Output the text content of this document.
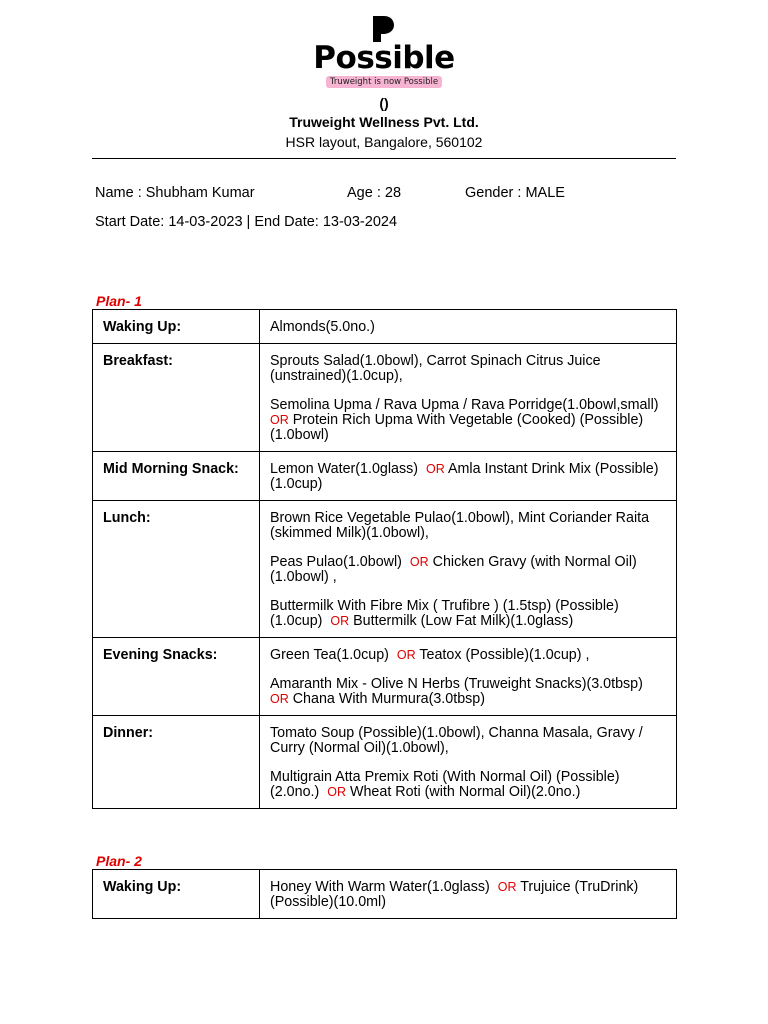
Possible
Truweight is now Possible
()
Truweight Wellness Pvt. Ltd.
HSR layout, Bangalore, 560102
Name : Shubham Kumar	Age : 28	Gender : MALE
Start Date: 14-03-2023 | End Date: 13-03-2024
Plan- 1
Waking Up:	Almonds(5.0no.)

Breakfast:	Sprouts Salad(1.0bowl), Carrot Spinach Citrus Juice (unstrained)(1.0cup),
Semolina Upma / Rava Upma / Rava Porridge(1.0bowl,small)  OR Protein Rich Upma With Vegetable (Cooked) (Possible)(1.0bowl)

Mid Morning Snack:	Lemon Water(1.0glass) OR Amla Instant Drink Mix (Possible)(1.0cup)

Lunch:	Brown Rice Vegetable Pulao(1.0bowl), Mint Coriander Raita (skimmed Milk)(1.0bowl),
Peas Pulao(1.0bowl) OR Chicken Gravy (with Normal Oil)(1.0bowl) ,
Buttermilk With Fibre Mix ( Trufibre ) (1.5tsp) (Possible)(1.0cup) OR Buttermilk (Low Fat Milk)(1.0glass)

Evening Snacks:	Green Tea(1.0cup) OR Teatox (Possible)(1.0cup) ,
Amaranth Mix - Olive N Herbs (Truweight Snacks)(3.0tbsp)  OR Chana With Murmura(3.0tbsp)

Dinner:	Tomato Soup (Possible)(1.0bowl), Channa Masala, Gravy / Curry (Normal Oil)(1.0bowl),
Multigrain Atta Premix Roti (With Normal Oil) (Possible)(2.0no.) OR Wheat Roti (with Normal Oil)(2.0no.)
Plan- 2
Waking Up:	Honey With Warm Water(1.0glass) OR Trujuice (TruDrink) (Possible)(10.0ml)
